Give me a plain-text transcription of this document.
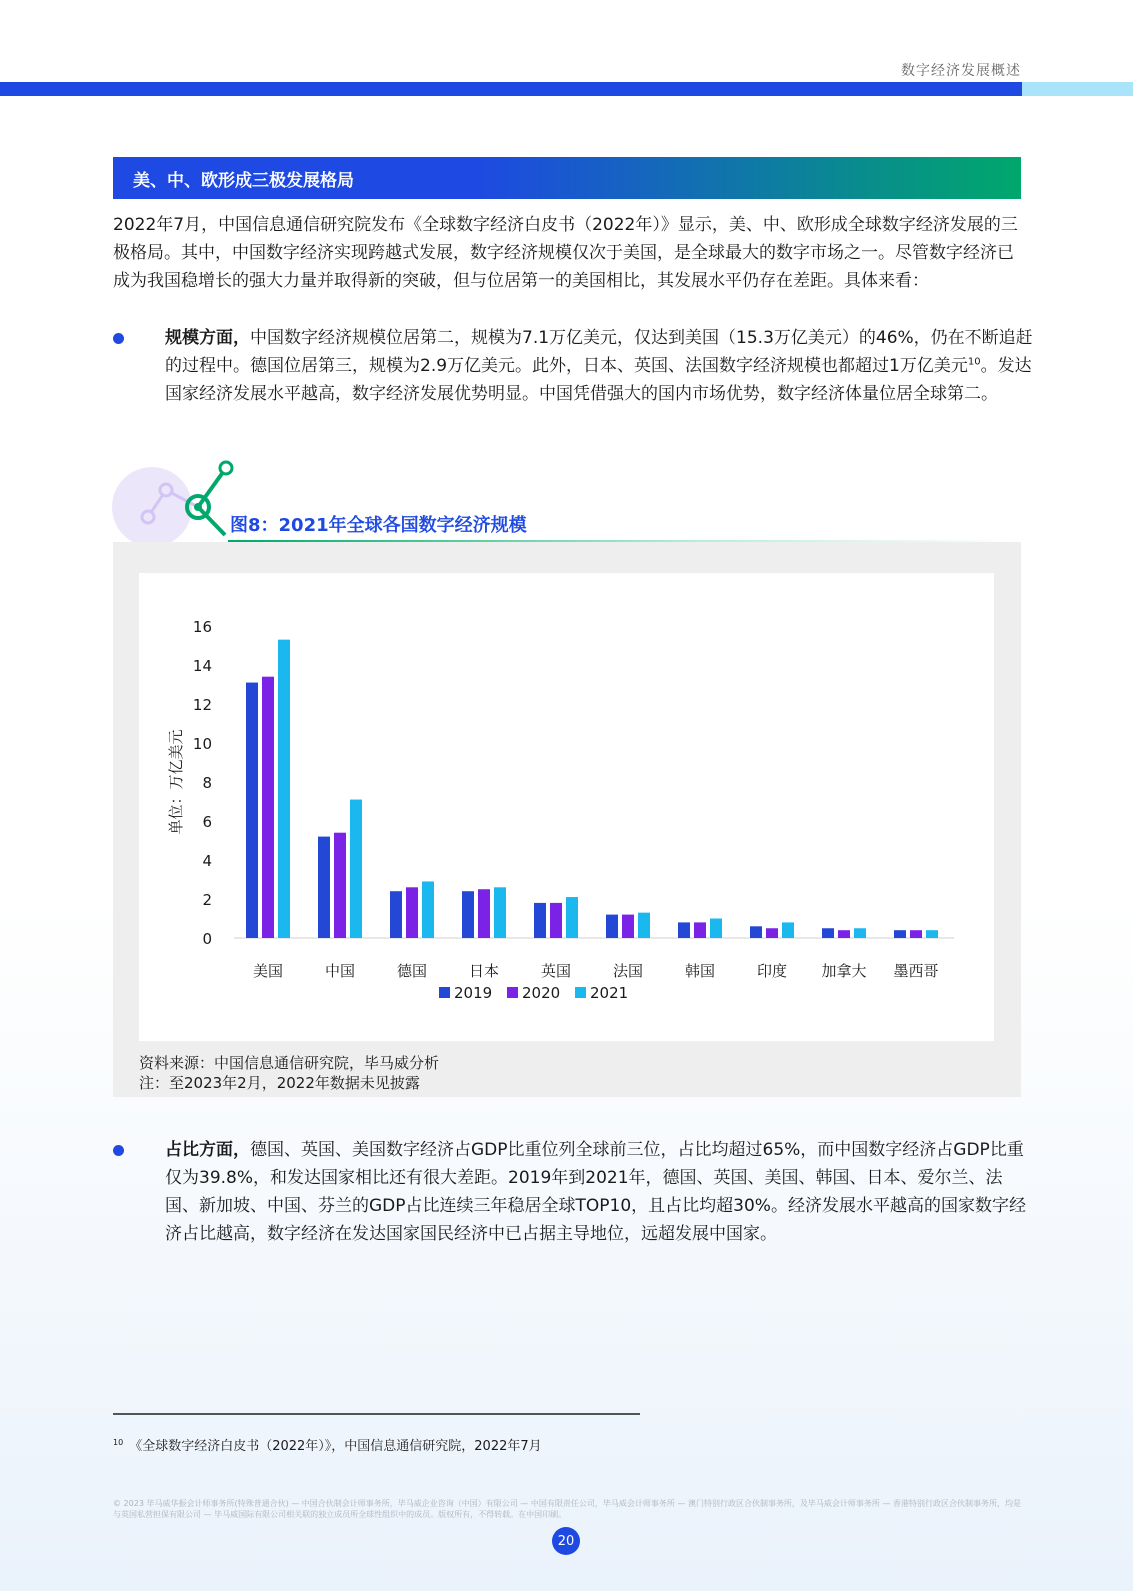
数字经济发展概述
美、中、欧形成三极发展格局

2022年7月，中国信息通信研究院发布《全球数字经济白皮书（2022年）》显示，美、中、欧形成全球数字经济发展的三极格局。其中，中国数字经济实现跨越式发展，数字经济规模仅次于美国，是全球最大的数字市场之一。尽管数字经济已成为我国稳增长的强大力量并取得新的突破，但与位居第一的美国相比，其发展水平仍存在差距。具体来看：

规模方面，中国数字经济规模位居第二，规模为7.1万亿美元，仅达到美国（15.3万亿美元）的46%，仍在不断追赶的过程中。德国位居第三，规模为2.9万亿美元。此外，日本、英国、法国数字经济规模也都超过1万亿美元$^{10}$。发达国家经济发展水平越高，数字经济发展优势明显。中国凭借强大的国内市场优势，数字经济体量位居全球第二。

图8：2021年全球各国数字经济规模
0
2
4
6
8
10
12
14
16
单位：万亿美元
美国	中国	德国	日本	英国	法国	韩国	印度 加拿大 墨西哥
2019 2020 2021
资料来源：中国信息通信研究院，毕马威分析
注：至2023年2月，2022年数据未见披露

占比方面，德国、英国、美国数字经济占GDP比重位列全球前三位，占比均超过65%，而中国数字经济占GDP比重仅为39.8%，和发达国家相比还有很大差距。2019年到2021年，德国、英国、美国、韩国、日本、爱尔兰、法国、新加坡、中国、芬兰的GDP占比连续三年稳居全球TOP10，且占比均超30%。经济发展水平越高的国家数字经济占比越高，数字经济在发达国家国民经济中已占据主导地位，远超发展中国家。

$^{10}$ 《全球数字经济白皮书（2022年）》，中国信息通信研究院，2022年7月
© 2023 毕马威华振会计师事务所(特殊普通合伙) — 中国合伙制会计师事务所，毕马威企业咨询（中国）有限公司 — 中国有限责任公司，毕马威会计师事务所 — 澳门特别行政区合伙制事务所，及毕马威会计师事务所 — 香港特别行政区合伙制事务所，均是与英国私营担保有限公司 — 毕马威国际有限公司相关联的独立成员所全球性组织中的成员。版权所有，不得转载。在中国印刷。
20
